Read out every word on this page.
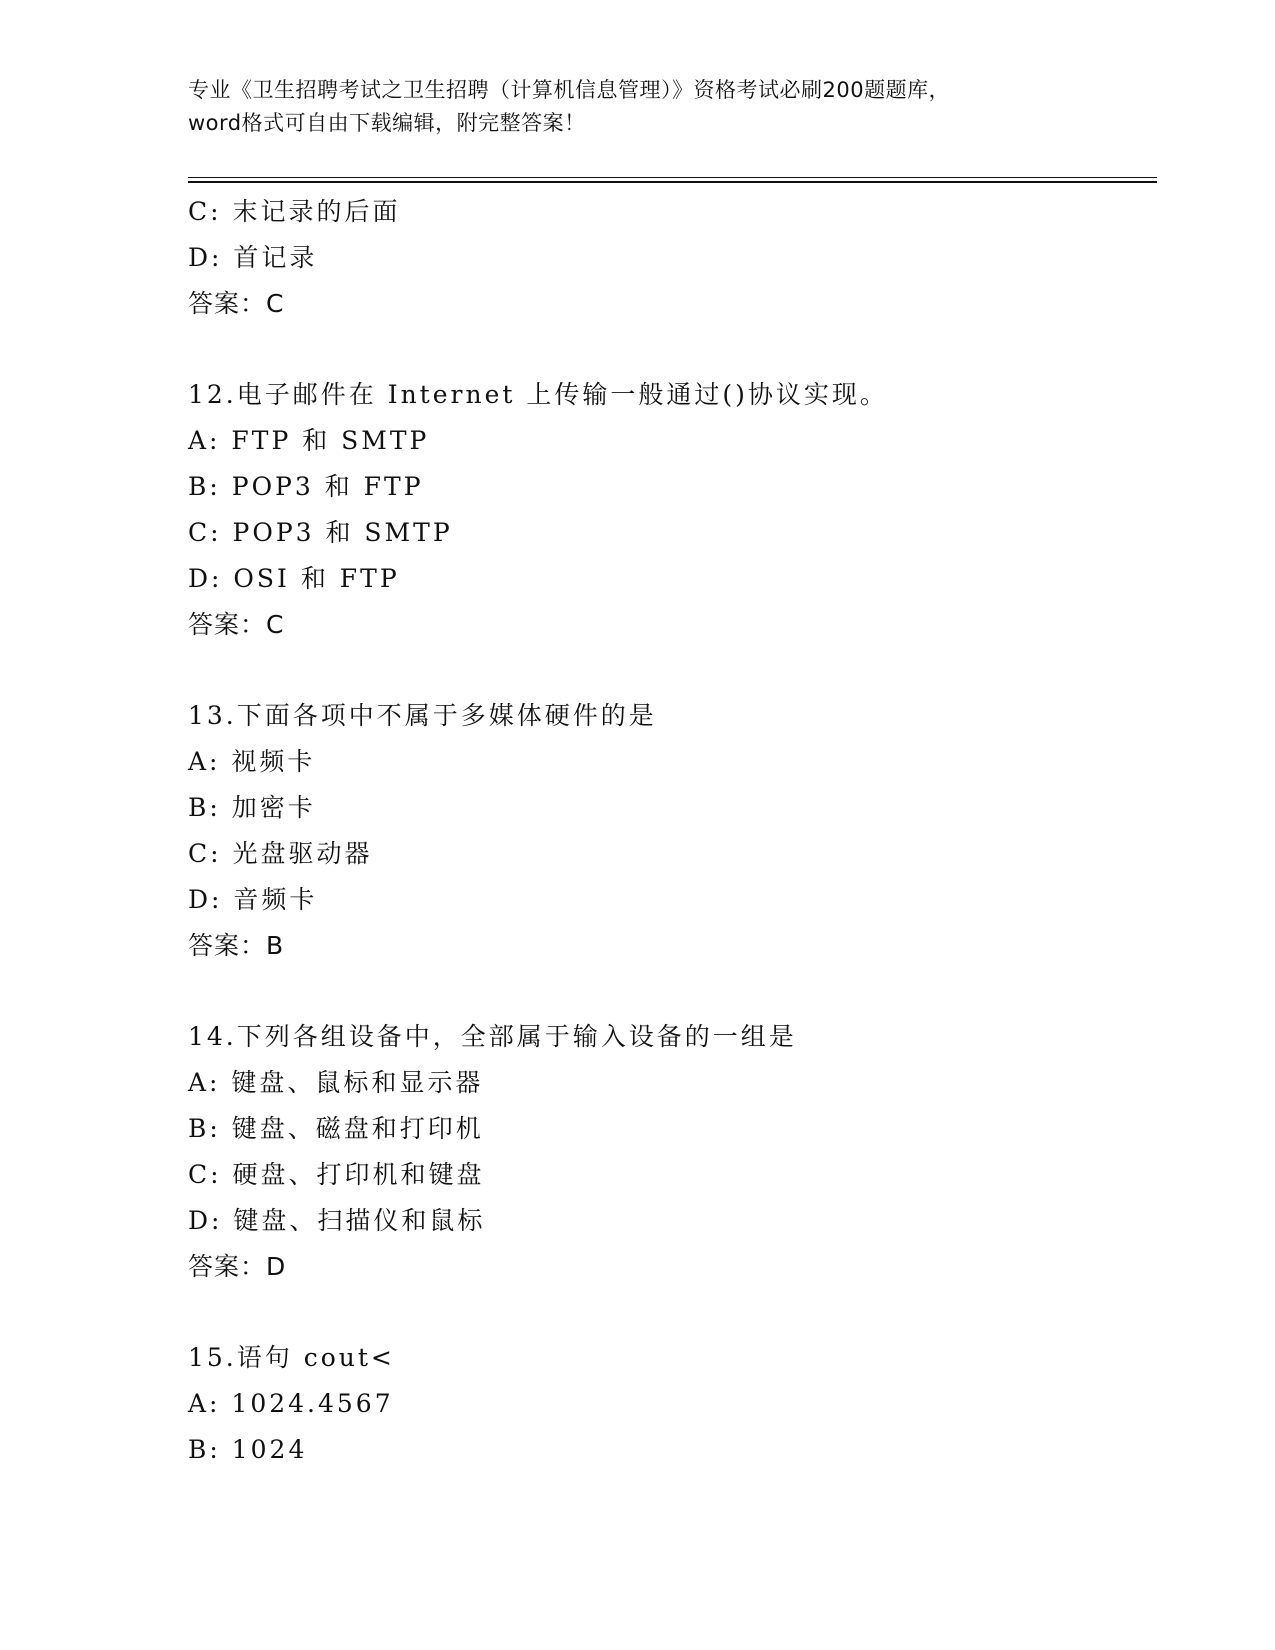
专业《卫生招聘考试之卫生招聘（计算机信息管理）》资格考试必刷200题题库，
word格式可自由下载编辑，附完整答案！
C: 末记录的后面
D: 首记录
答案：C
12.电子邮件在 Internet 上传输一般通过()协议实现。
A: FTP 和 SMTP
B: POP3 和 FTP
C: POP3 和 SMTP
D: OSI 和 FTP
答案：C
13.下面各项中不属于多媒体硬件的是
A: 视频卡
B: 加密卡
C: 光盘驱动器
D: 音频卡
答案：B
14.下列各组设备中，全部属于输入设备的一组是
A: 键盘、鼠标和显示器
B: 键盘、磁盘和打印机
C: 硬盘、打印机和键盘
D: 键盘、扫描仪和鼠标
答案：D
15.语句 cout<
A: 1024.4567
B: 1024
